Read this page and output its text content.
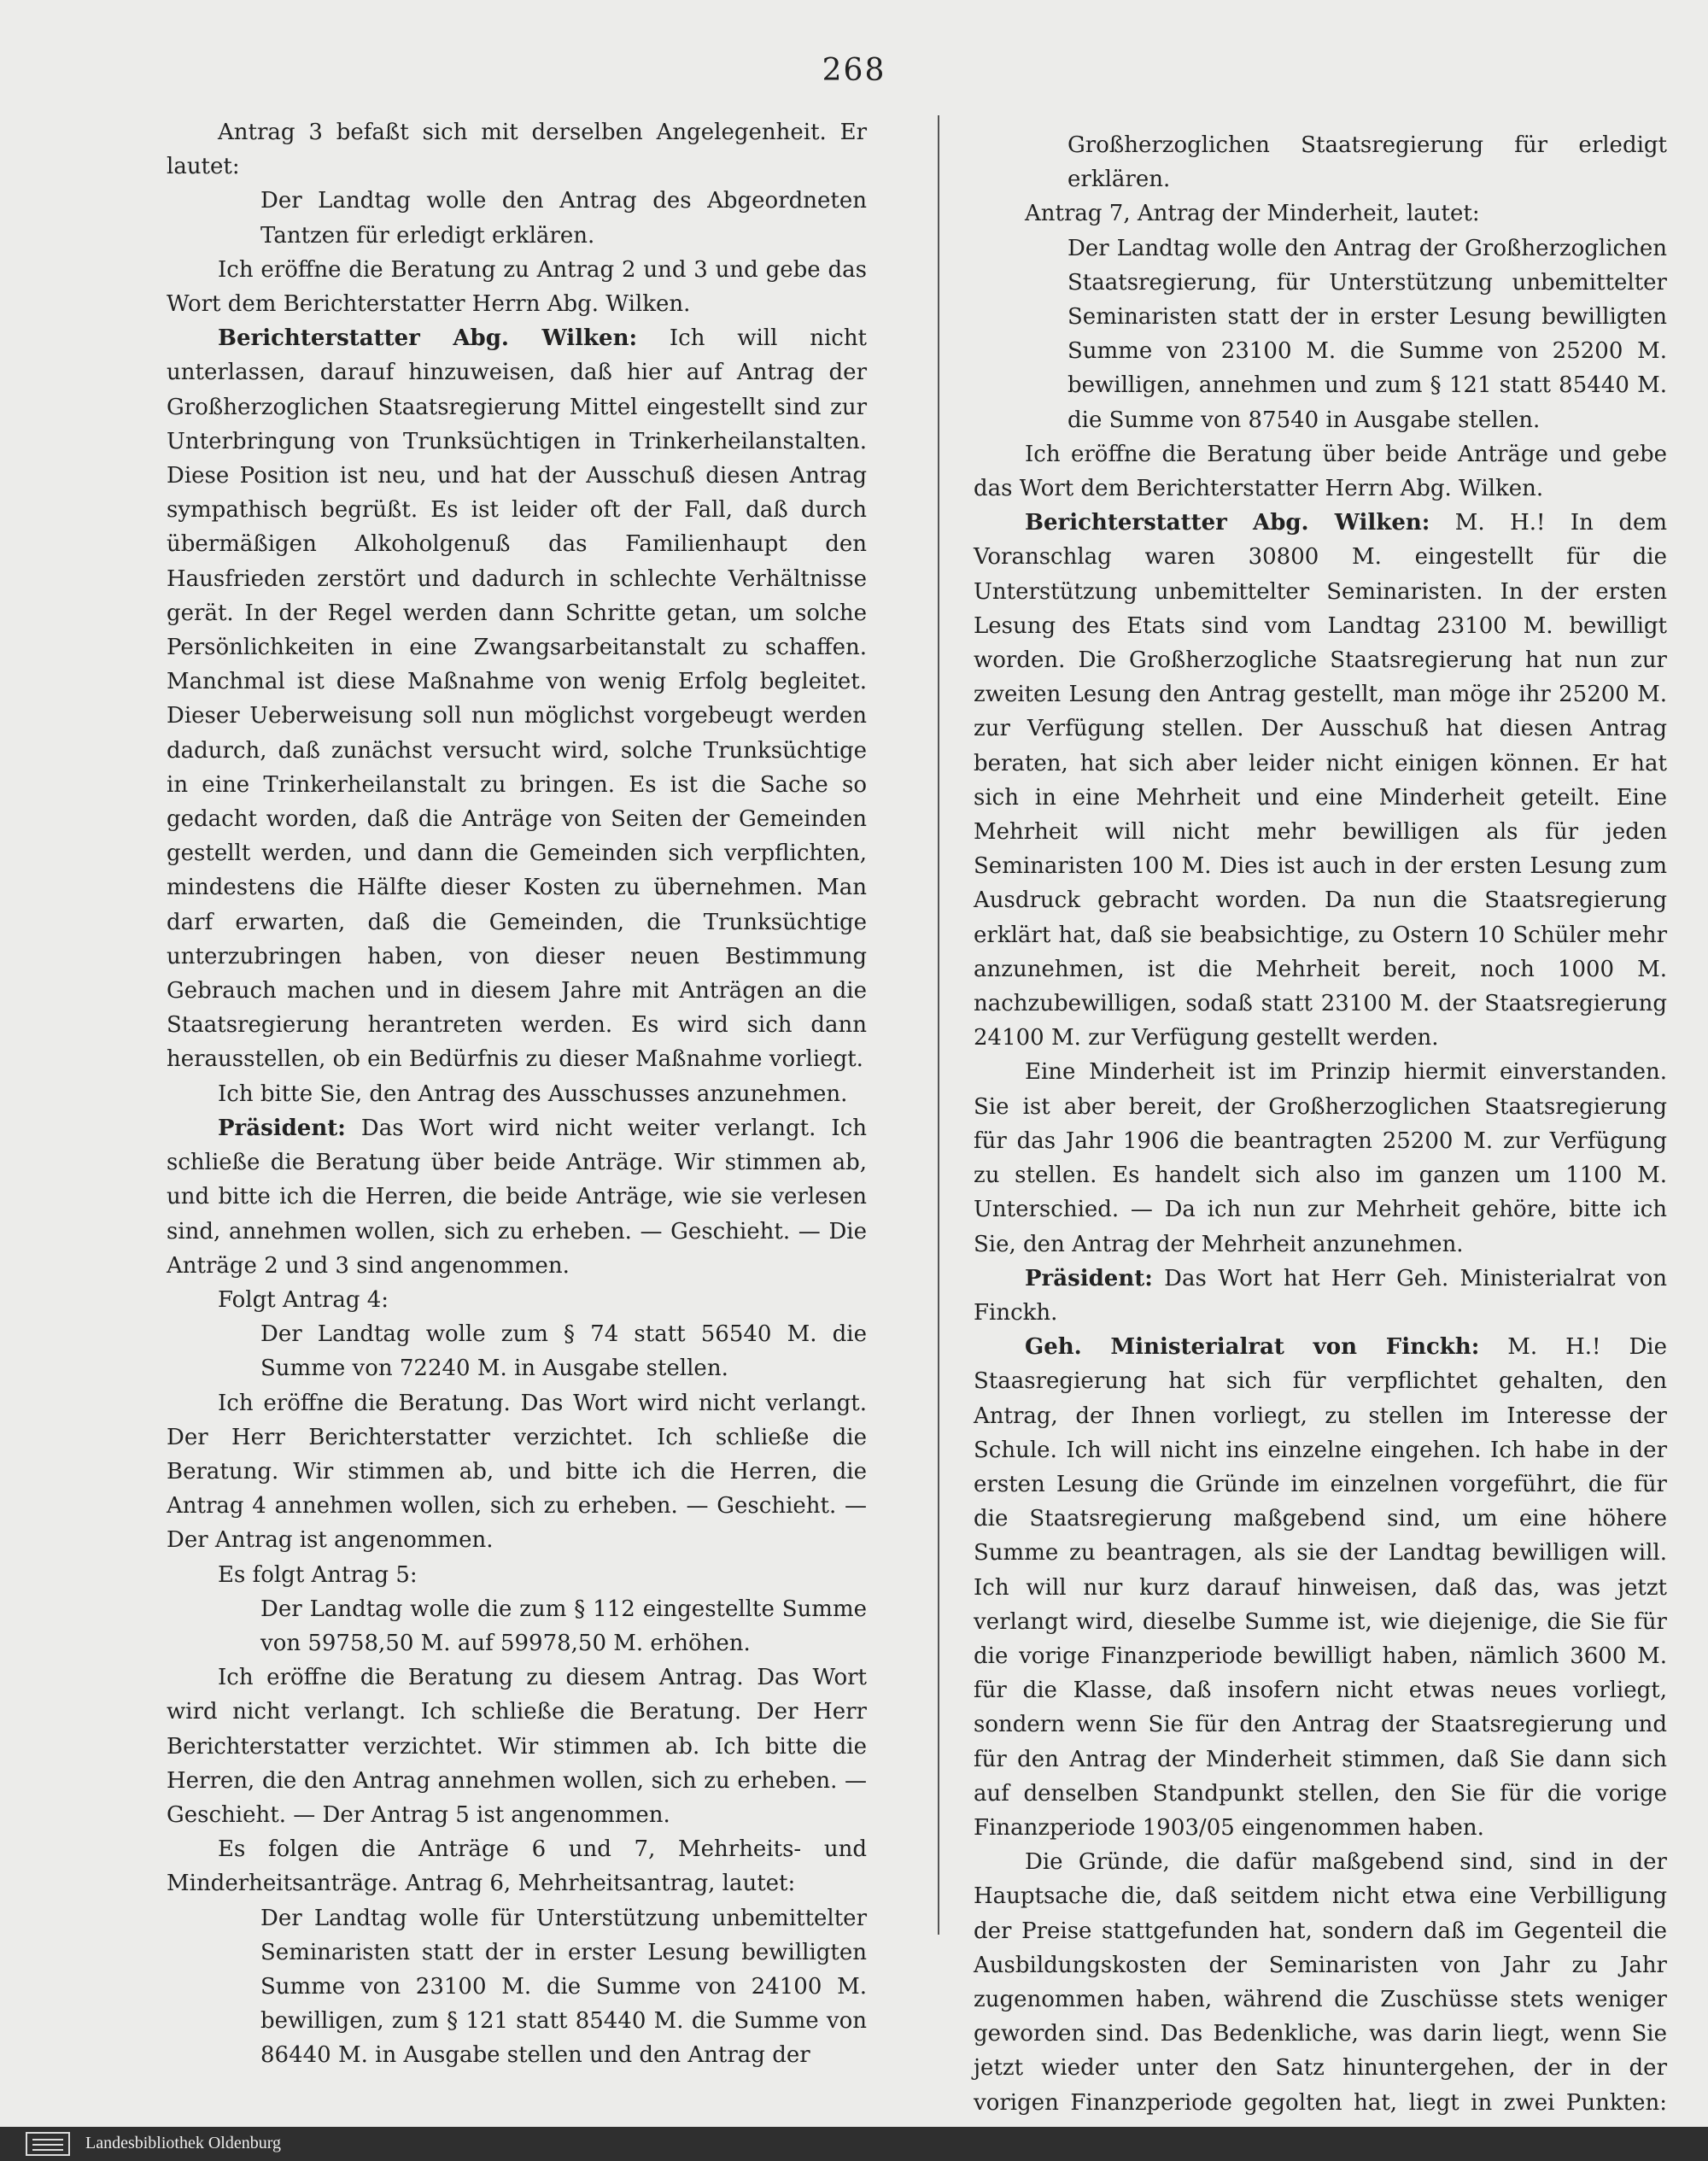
268

Antrag 3 befaßt sich mit derselben Angelegenheit. Er lautet:

Der Landtag wolle den Antrag des Abgeordneten Tantzen für erledigt erklären.

Ich eröffne die Beratung zu Antrag 2 und 3 und gebe das Wort dem Berichterstatter Herrn Abg. Wilken.

Berichterstatter Abg. Wilken: Ich will nicht unterlassen, darauf hinzuweisen, daß hier auf Antrag der Großherzoglichen Staatsregierung Mittel eingestellt sind zur Unterbringung von Trunksüchtigen in Trinkerheilanstalten. Diese Position ist neu, und hat der Ausschuß diesen Antrag sympathisch begrüßt. Es ist leider oft der Fall, daß durch übermäßigen Alkoholgenuß das Familienhaupt den Hausfrieden zerstört und dadurch in schlechte Verhältnisse gerät. In der Regel werden dann Schritte getan, um solche Persönlichkeiten in eine Zwangsarbeitanstalt zu schaffen. Manchmal ist diese Maßnahme von wenig Erfolg begleitet. Dieser Ueberweisung soll nun möglichst vorgebeugt werden dadurch, daß zunächst versucht wird, solche Trunksüchtige in eine Trinkerheilanstalt zu bringen. Es ist die Sache so gedacht worden, daß die Anträge von Seiten der Gemeinden gestellt werden, und dann die Gemeinden sich verpflichten, mindestens die Hälfte dieser Kosten zu übernehmen. Man darf erwarten, daß die Gemeinden, die Trunksüchtige unterzubringen haben, von dieser neuen Bestimmung Gebrauch machen und in diesem Jahre mit Anträgen an die Staatsregierung herantreten werden. Es wird sich dann herausstellen, ob ein Bedürfnis zu dieser Maßnahme vorliegt.

Ich bitte Sie, den Antrag des Ausschusses anzunehmen.

Präsident: Das Wort wird nicht weiter verlangt. Ich schließe die Beratung über beide Anträge. Wir stimmen ab, und bitte ich die Herren, die beide Anträge, wie sie verlesen sind, annehmen wollen, sich zu erheben. — Geschieht. — Die Anträge 2 und 3 sind angenommen.

Folgt Antrag 4:

Der Landtag wolle zum § 74 statt 56540 M. die Summe von 72240 M. in Ausgabe stellen.

Ich eröffne die Beratung. Das Wort wird nicht verlangt. Der Herr Berichterstatter verzichtet. Ich schließe die Beratung. Wir stimmen ab, und bitte ich die Herren, die Antrag 4 annehmen wollen, sich zu erheben. — Geschieht. — Der Antrag ist angenommen.

Es folgt Antrag 5:

Der Landtag wolle die zum § 112 eingestellte Summe von 59758,50 M. auf 59978,50 M. erhöhen.

Ich eröffne die Beratung zu diesem Antrag. Das Wort wird nicht verlangt. Ich schließe die Beratung. Der Herr Berichterstatter verzichtet. Wir stimmen ab. Ich bitte die Herren, die den Antrag annehmen wollen, sich zu erheben. — Geschieht. — Der Antrag 5 ist angenommen.

Es folgen die Anträge 6 und 7, Mehrheits- und Minderheitsanträge. Antrag 6, Mehrheitsantrag, lautet:

Der Landtag wolle für Unterstützung unbemittelter Seminaristen statt der in erster Lesung bewilligten Summe von 23100 M. die Summe von 24100 M. bewilligen, zum § 121 statt 85440 M. die Summe von 86440 M. in Ausgabe stellen und den Antrag der

Großherzoglichen Staatsregierung für erledigt erklären.

Antrag 7, Antrag der Minderheit, lautet:

Der Landtag wolle den Antrag der Großherzoglichen Staatsregierung, für Unterstützung unbemittelter Seminaristen statt der in erster Lesung bewilligten Summe von 23100 M. die Summe von 25200 M. bewilligen, annehmen und zum § 121 statt 85440 M. die Summe von 87540 in Ausgabe stellen.

Ich eröffne die Beratung über beide Anträge und gebe das Wort dem Berichterstatter Herrn Abg. Wilken.

Berichterstatter Abg. Wilken: M. H.! In dem Voranschlag waren 30800 M. eingestellt für die Unterstützung unbemittelter Seminaristen. In der ersten Lesung des Etats sind vom Landtag 23100 M. bewilligt worden. Die Großherzogliche Staatsregierung hat nun zur zweiten Lesung den Antrag gestellt, man möge ihr 25200 M. zur Verfügung stellen. Der Ausschuß hat diesen Antrag beraten, hat sich aber leider nicht einigen können. Er hat sich in eine Mehrheit und eine Minderheit geteilt. Eine Mehrheit will nicht mehr bewilligen als für jeden Seminaristen 100 M. Dies ist auch in der ersten Lesung zum Ausdruck gebracht worden. Da nun die Staatsregierung erklärt hat, daß sie beabsichtige, zu Ostern 10 Schüler mehr anzunehmen, ist die Mehrheit bereit, noch 1000 M. nachzubewilligen, sodaß statt 23100 M. der Staatsregierung 24100 M. zur Verfügung gestellt werden.

Eine Minderheit ist im Prinzip hiermit einverstanden. Sie ist aber bereit, der Großherzoglichen Staatsregierung für das Jahr 1906 die beantragten 25200 M. zur Verfügung zu stellen. Es handelt sich also im ganzen um 1100 M. Unterschied. — Da ich nun zur Mehrheit gehöre, bitte ich Sie, den Antrag der Mehrheit anzunehmen.

Präsident: Das Wort hat Herr Geh. Ministerialrat von Finckh.

Geh. Ministerialrat von Finckh: M. H.! Die Staasregierung hat sich für verpflichtet gehalten, den Antrag, der Ihnen vorliegt, zu stellen im Interesse der Schule. Ich will nicht ins einzelne eingehen. Ich habe in der ersten Lesung die Gründe im einzelnen vorgeführt, die für die Staatsregierung maßgebend sind, um eine höhere Summe zu beantragen, als sie der Landtag bewilligen will. Ich will nur kurz darauf hinweisen, daß das, was jetzt verlangt wird, dieselbe Summe ist, wie diejenige, die Sie für die vorige Finanzperiode bewilligt haben, nämlich 3600 M. für die Klasse, daß insofern nicht etwas neues vorliegt, sondern wenn Sie für den Antrag der Staatsregierung und für den Antrag der Minderheit stimmen, daß Sie dann sich auf denselben Standpunkt stellen, den Sie für die vorige Finanzperiode 1903/05 eingenommen haben.

Die Gründe, die dafür maßgebend sind, sind in der Hauptsache die, daß seitdem nicht etwa eine Verbilligung der Preise stattgefunden hat, sondern daß im Gegenteil die Ausbildungskosten der Seminaristen von Jahr zu Jahr zugenommen haben, während die Zuschüsse stets weniger geworden sind. Das Bedenkliche, was darin liegt, wenn Sie jetzt wieder unter den Satz hinuntergehen, der in der vorigen Finanzperiode gegolten hat, liegt in zwei Punkten:

Landesbibliothek Oldenburg
